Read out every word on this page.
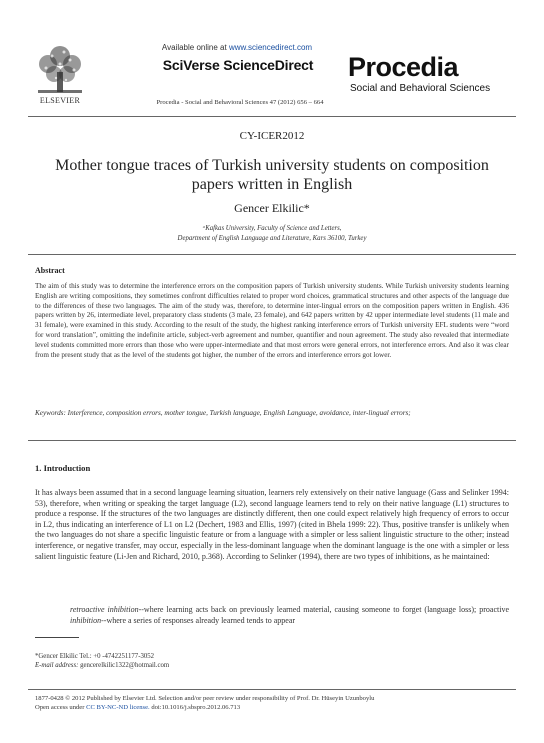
Available online at www.sciencedirect.com
SciVerse ScienceDirect
Procedia - Social and Behavioral Sciences 47 (2012) 656 – 664
ELSEVIER
Procedia
Social and Behavioral Sciences
CY-ICER2012
Mother tongue traces of Turkish university students on composition papers written in English
Gencer Elkilic*
ᵃKafkas University, Faculty of Science and Letters,
Department of English Language and Literature, Kars 36100, Turkey
Abstract
The aim of this study was to determine the interference errors on the composition papers of Turkish university students. While Turkish university students learning English are writing compositions, they sometimes confront difficulties related to proper word choices, grammatical structures and other aspects of the language due to the differences of these two languages. The aim of the study was, therefore, to determine inter-lingual errors on the composition papers written in English. 436 papers written by 26, intermediate level, preparatory class students (3 male, 23 female), and 642 papers written by 42 upper intermediate level students (11 male and 31 female), were examined in this study. According to the result of the study, the highest ranking interference errors of Turkish university EFL students were “word for word translation”, omitting the indefinite article, subject-verb agreement and number, quantifier and noun agreement. The study also revealed that intermediate level students committed more errors than those who were upper-intermediate and that most errors were general errors, not interference errors. And also it was clear from the present study that as the level of the students got higher, the number of the errors and interference errors got lower.
Keywords: Interference, composition errors, mother tongue, Turkish language, English Language, avoidance, inter-lingual errors;
1. Introduction
It has always been assumed that in a second language learning situation, learners rely extensively on their native language (Gass and Selinker 1994: 53), therefore, when writing or speaking the target language (L2), second language learners tend to rely on their native language (L1) structures to produce a response. If the structures of the two languages are distinctly different, then one could expect relatively high frequency of errors to occur in L2, thus indicating an interference of L1 on L2 (Dechert, 1983 and Ellis, 1997) (cited in Bhela 1999: 22). Thus, positive transfer is unlikely when the two languages do not share a specific linguistic feature or from a language with a simpler or less salient linguistic structure to the other; instead interference, or negative transfer, may occur, especially in the less-dominant language when the dominant language is the one with a simpler or less salient linguistic feature (Li-Jen and Richard, 2010, p.368). According to Selinker (1994), there are two types of inhibitions, as he maintained:
retroactive inhibition--where learning acts back on previously learned material, causing someone to forget (language loss); proactive inhibition--where a series of responses already learned tends to appear
*Gencer Elkilic Tel.: +0 -4742251177-3052
E-mail address: gencerelkilic1322@hotmail.com
1877-0428 © 2012 Published by Elsevier Ltd. Selection and/or peer review under responsibility of Prof. Dr. Hüseyin Uzunboylu
Open access under CC BY-NC-ND license. doi:10.1016/j.sbspro.2012.06.713
